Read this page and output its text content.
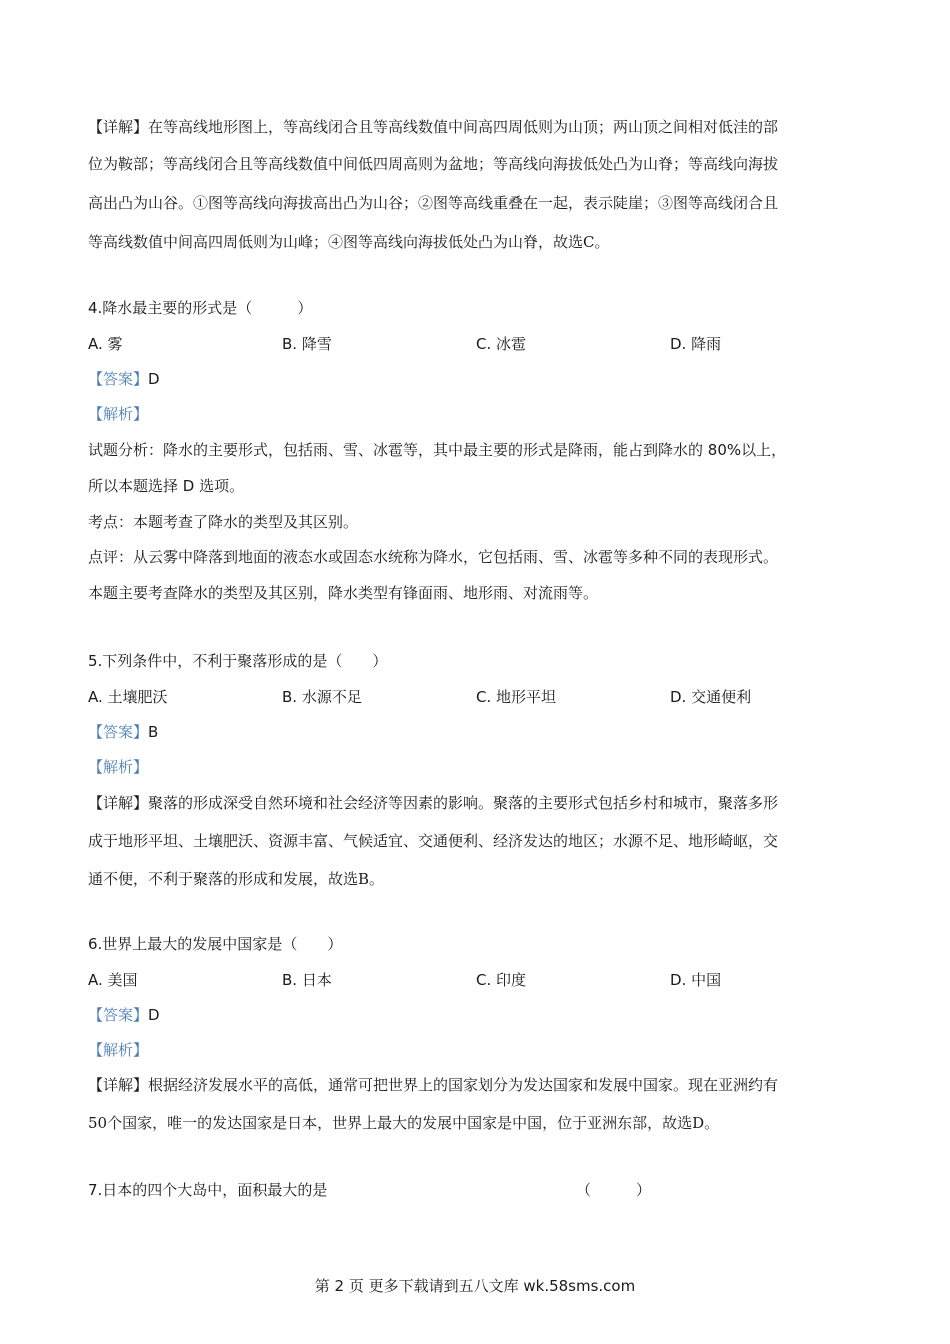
【详解】在等高线地形图上，等高线闭合且等高线数值中间高四周低则为山顶；两山顶之间相对低洼的部
位为鞍部；等高线闭合且等高线数值中间低四周高则为盆地；等高线向海拔低处凸为山脊；等高线向海拔
高出凸为山谷。①图等高线向海拔高出凸为山谷；②图等高线重叠在一起，表示陡崖；③图等高线闭合且
等高线数值中间高四周低则为山峰；④图等高线向海拔低处凸为山脊，故选C。
4.降水最主要的形式是（　　　）
A. 雾	B. 降雪	C. 冰雹	D. 降雨
【答案】D
【解析】
试题分析：降水的主要形式，包括雨、雪、冰雹等，其中最主要的形式是降雨，能占到降水的 80%以上，
所以本题选择 D 选项。
考点：本题考查了降水的类型及其区别。
点评：从云雾中降落到地面的液态水或固态水统称为降水，它包括雨、雪、冰雹等多种不同的表现形式。
本题主要考查降水的类型及其区别，降水类型有锋面雨、地形雨、对流雨等。
5.下列条件中，不利于聚落形成的是（　　）
A. 土壤肥沃	B. 水源不足	C. 地形平坦	D. 交通便利
【答案】B
【解析】
【详解】聚落的形成深受自然环境和社会经济等因素的影响。聚落的主要形式包括乡村和城市，聚落多形
成于地形平坦、土壤肥沃、资源丰富、气候适宜、交通便利、经济发达的地区；水源不足、地形崎岖，交
通不便，不利于聚落的形成和发展，故选B。
6.世界上最大的发展中国家是（　　）
A. 美国	B. 日本	C. 印度	D. 中国
【答案】D
【解析】
【详解】根据经济发展水平的高低，通常可把世界上的国家划分为发达国家和发展中国家。现在亚洲约有
50个国家，唯一的发达国家是日本，世界上最大的发展中国家是中国，位于亚洲东部，故选D。
7.日本的四个大岛中，面积最大的是	（　　　）
第 2 页 更多下载请到五八文库 wk.58sms.com
